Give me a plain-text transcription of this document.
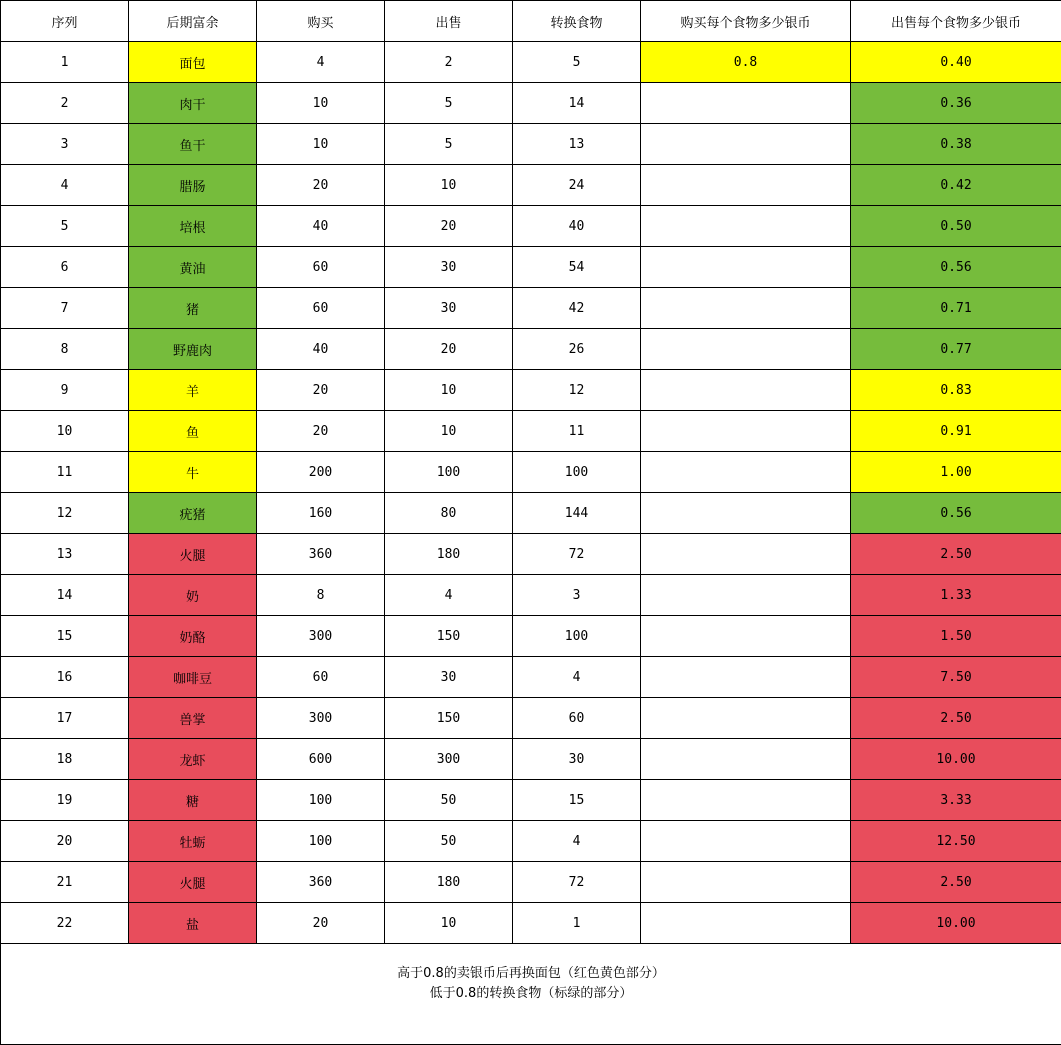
序列	后期富余	购买	出售	转换食物	购买每个食物多少银币	出售每个食物多少银币
1	面包	4	2	5	0.8	0.40
2	肉干	10	5	14		0.36
3	鱼干	10	5	13		0.38
4	腊肠	20	10	24		0.42
5	培根	40	20	40		0.50
6	黄油	60	30	54		0.56
7	猪	60	30	42		0.71
8	野鹿肉	40	20	26		0.77
9	羊	20	10	12		0.83
10	鱼	20	10	11		0.91
11	牛	200	100	100		1.00
12	疣猪	160	80	144		0.56
13	火腿	360	180	72		2.50
14	奶	8	4	3		1.33
15	奶酪	300	150	100		1.50
16	咖啡豆	60	30	4		7.50
17	兽掌	300	150	60		2.50
18	龙虾	600	300	30		10.00
19	糖	100	50	15		3.33
20	牡蛎	100	50	4		12.50
21	火腿	360	180	72		2.50
22	盐	20	10	1		10.00

高于0.8的卖银币后再换面包（红色黄色部分）
低于0.8的转换食物（标绿的部分）						
